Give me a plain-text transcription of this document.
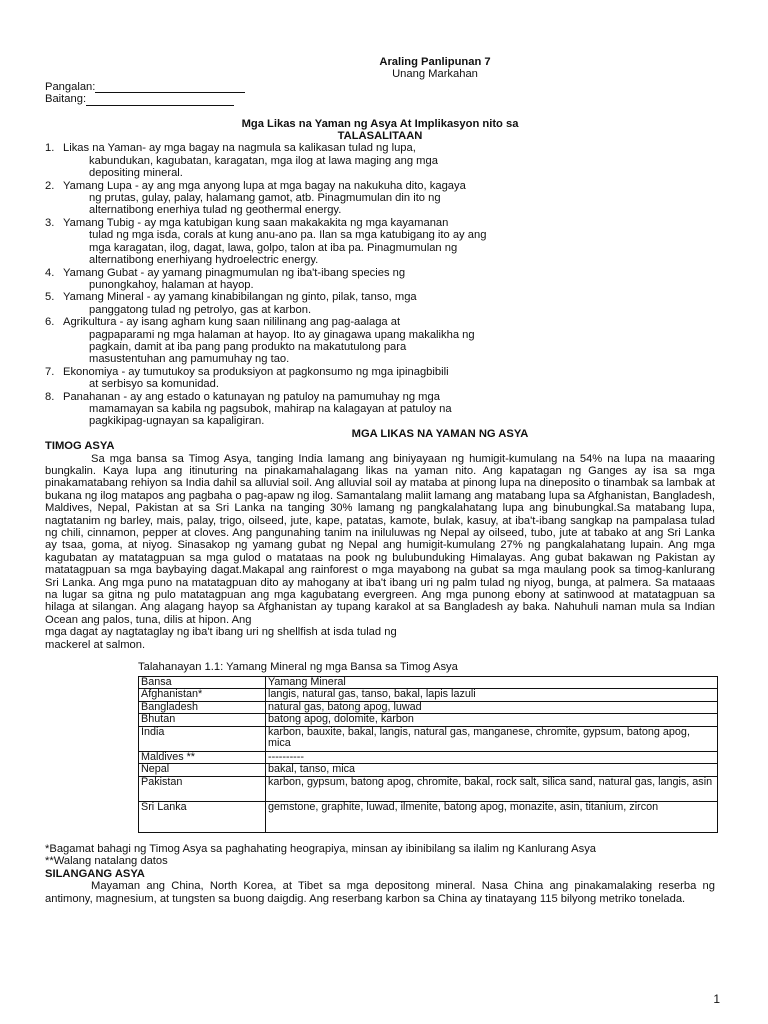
Araling Panlipunan 7
Unang Markahan
Pangalan:
Baitang:
Mga Likas na Yaman ng Asya At Implikasyon nito sa
TALASALITAAN
1. Likas na Yaman- ay mga bagay na nagmula sa kalikasan tulad ng lupa,
kabundukan, kagubatan, karagatan, mga ilog at lawa maging ang mga
depositing mineral.
2. Yamang Lupa - ay ang mga anyong lupa at mga bagay na nakukuha dito, kagaya
ng prutas, gulay, palay, halamang gamot, atb. Pinagmumulan din ito ng
alternatibong enerhiya tulad ng geothermal energy.
3. Yamang Tubig - ay mga katubigan kung saan makakakita ng mga kayamanan
tulad ng mga isda, corals at kung anu-ano pa. Ilan sa mga katubigang ito ay ang
mga karagatan, ilog, dagat, lawa, golpo, talon at iba pa. Pinagmumulan ng
alternatibong enerhiyang hydroelectric energy.
4. Yamang Gubat - ay yamang pinagmumulan ng iba't-ibang species ng
punongkahoy, halaman at hayop.
5. Yamang Mineral - ay yamang kinabibilangan ng ginto, pilak, tanso, mga
panggatong tulad ng petrolyo, gas at karbon.
6. Agrikultura - ay isang agham kung saan nililinang ang pag-aalaga at
pagpaparami ng mga halaman at hayop. Ito ay ginagawa upang makalikha ng
pagkain, damit at iba pang pang produkto na makatutulong para
masustentuhan ang pamumuhay ng tao.
7. Ekonomiya - ay tumutukoy sa produksiyon at pagkonsumo ng mga ipinagbibili
at serbisyo sa komunidad.
8. Panahanan - ay ang estado o katunayan ng patuloy na pamumuhay ng mga
mamamayan sa kabila ng pagsubok, mahirap na kalagayan at patuloy na
pagkikipag-ugnayan sa kapaligiran.
MGA LIKAS NA YAMAN NG ASYA
TIMOG ASYA

Sa mga bansa sa Timog Asya, tanging India lamang ang biniyayaan ng humigit-kumulang na 54% na lupa na maaaring bungkalin. Kaya lupa ang itinuturing na pinakamahalagang likas na yaman nito. Ang kapatagan ng Ganges ay isa sa mga pinakamatabang rehiyon sa India dahil sa alluvial soil. Ang alluvial soil ay mataba at pinong lupa na dineposito o tinambak sa lambak at bukana ng ilog matapos ang pagbaha o pag-apaw ng ilog. Samantalang maliit lamang ang matabang lupa sa Afghanistan, Bangladesh, Maldives, Nepal, Pakistan at sa Sri Lanka na tanging 30% lamang ng pangkalahatang lupa ang binubungkal.Sa matabang lupa, nagtatanim ng barley, mais, palay, trigo, oilseed, jute, kape, patatas, kamote, bulak, kasuy, at iba't-ibang sangkap na pampalasa tulad ng chili, cinnamon, pepper at cloves. Ang pangunahing tanim na iniluluwas ng Nepal ay oilseed, tubo, jute at tabako at ang Sri Lanka ay tsaa, goma, at niyog. Sinasakop ng yamang gubat ng Nepal ang humigit-kumulang 27% ng pangkalahatang lupain. Ang mga kagubatan ay matatagpuan sa mga gulod o matataas na pook ng bulubunduking Himalayas. Ang gubat bakawan ng Pakistan ay matatagpuan sa mga baybaying dagat.Makapal ang rainforest o mga mayabong na gubat sa mga maulang pook sa timog-kanlurang Sri Lanka. Ang mga puno na matatagpuan dito ay mahogany at iba't ibang uri ng palm tulad ng niyog, bunga, at palmera. Sa mataaas na lugar sa gitna ng pulo matatagpuan ang mga kagubatang evergreen. Ang mga punong ebony at satinwood at matatagpuan sa hilaga at silangan. Ang alagang hayop sa Afghanistan ay tupang karakol at sa Bangladesh ay baka. Nahuhuli naman mula sa Indian Ocean ang palos, tuna, dilis at hipon. Ang

mga dagat ay nagtataglay ng iba't ibang uri ng shellfish at isda tulad ng mackerel at salmon.

Talahanayan 1.1: Yamang Mineral ng mga Bansa sa Timog Asya

Bansa	Yamang Mineral
Afghanistan*	langis, natural gas, tanso, bakal, lapis lazuli
Bangladesh	natural gas, batong apog, luwad
Bhutan	batong apog, dolomite, karbon
India	karbon, bauxite, bakal, langis, natural gas, manganese, chromite, gypsum, batong apog, mica
Maldives **	----------
Nepal	bakal, tanso, mica
Pakistan	karbon, gypsum, batong apog, chromite, bakal, rock salt, silica sand, natural gas, langis, asin
Sri Lanka	gemstone, graphite, luwad, ilmenite, batong apog, monazite, asin, titanium, zircon
*Bagamat bahagi ng Timog Asya sa paghahating heograpiya, minsan ay ibinibilang sa ilalim ng Kanlurang Asya
**Walang natalang datos
SILANGANG ASYA

Mayaman ang China, North Korea, at Tibet sa mga depositong mineral. Nasa China ang pinakamalaking reserba ng antimony, magnesium, at tungsten sa buong daigdig. Ang reserbang karbon sa China ay tinatayang 115 bilyong metriko tonelada.

1
